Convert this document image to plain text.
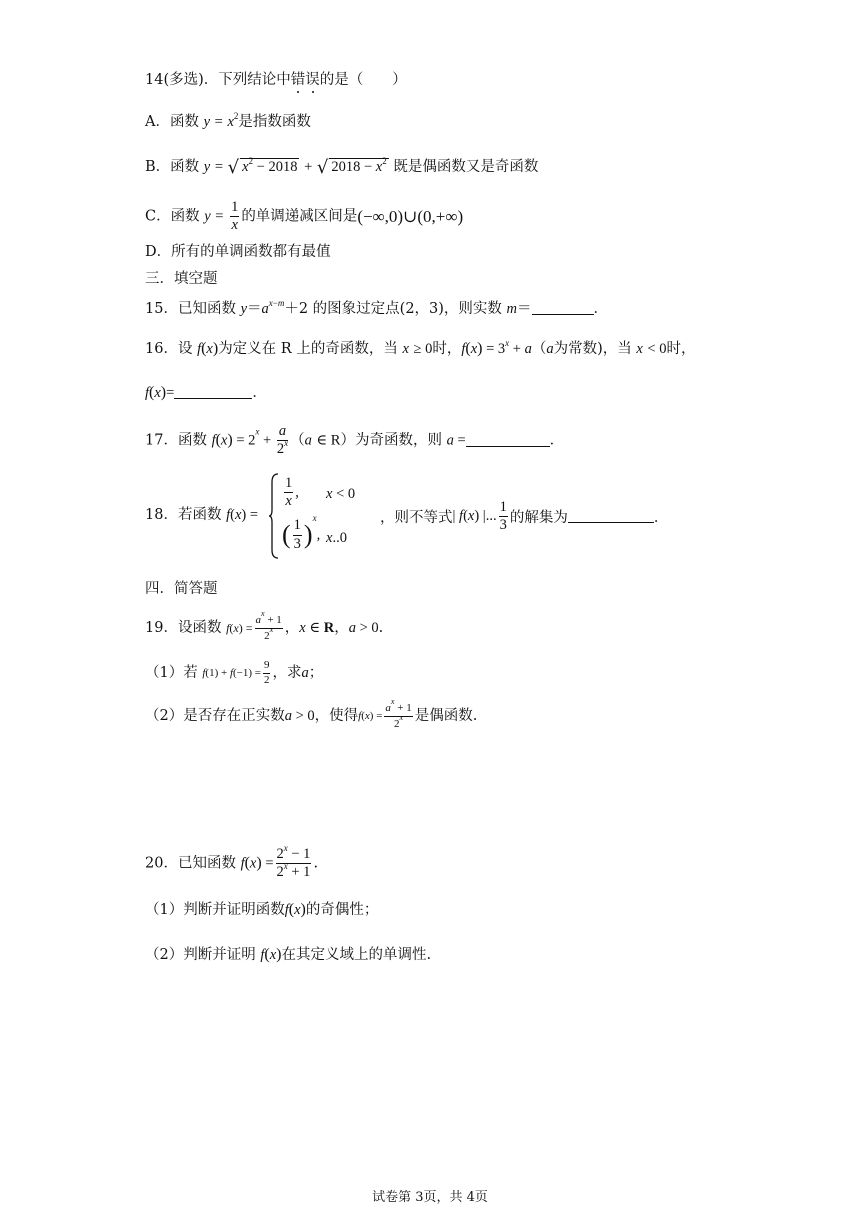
14(多选)．下列结论中错误的是（　　）
A．函数 $y = x^2$是指数函数
B．函数 y = √ $x^2 - 2018$ + √ $2018 - x^2$ 既是偶函数又是奇函数
C．函数 $y = \frac{1}{x}$ 的单调递减区间是(−∞,0)∪(0,+∞)
D．所有的单调函数都有最值
三．填空题
15．已知函数 $y=a^{x-m}+2$ 的图象过定点(2，3)，则实数 m＝	．
16．设 f(x)为定义在 R 上的奇函数，当 x ≥ 0时，$f(x) = 3^x + a(a$为常数)，当 x < 0时，
f(x)=	．
17．函数 $f(x) = 2^x + \frac{a}{2^x} (a$ ∈ R）为奇函数，则 a =	．
18．若函数 f(x) =
$\frac{1}{x}$ , x < 0
( $\frac{1}{3} )^x$, x..0
，则不等式| f(x) |... $\frac{1}{3}$ 的解集为	．
四．简答题
19．设函数 $f(x) = \frac{a^x + 1}{2^x}$ ，x ∈ R，a > 0.
（1）若 $f(1) + f(-1) = \frac{9}{2}$ ，求a；
（2）是否存在正实数a > 0，使得$f(x) = \frac{a^x + 1}{2^x}$ 是偶函数.
20．已知函数 $f(x) = \frac{2^x - 1}{2^x + 1}$ .
（1）判断并证明函数f(x)的奇偶性；
（2）判断并证明 f(x)在其定义域上的单调性.
试卷第 3页，共 4页
